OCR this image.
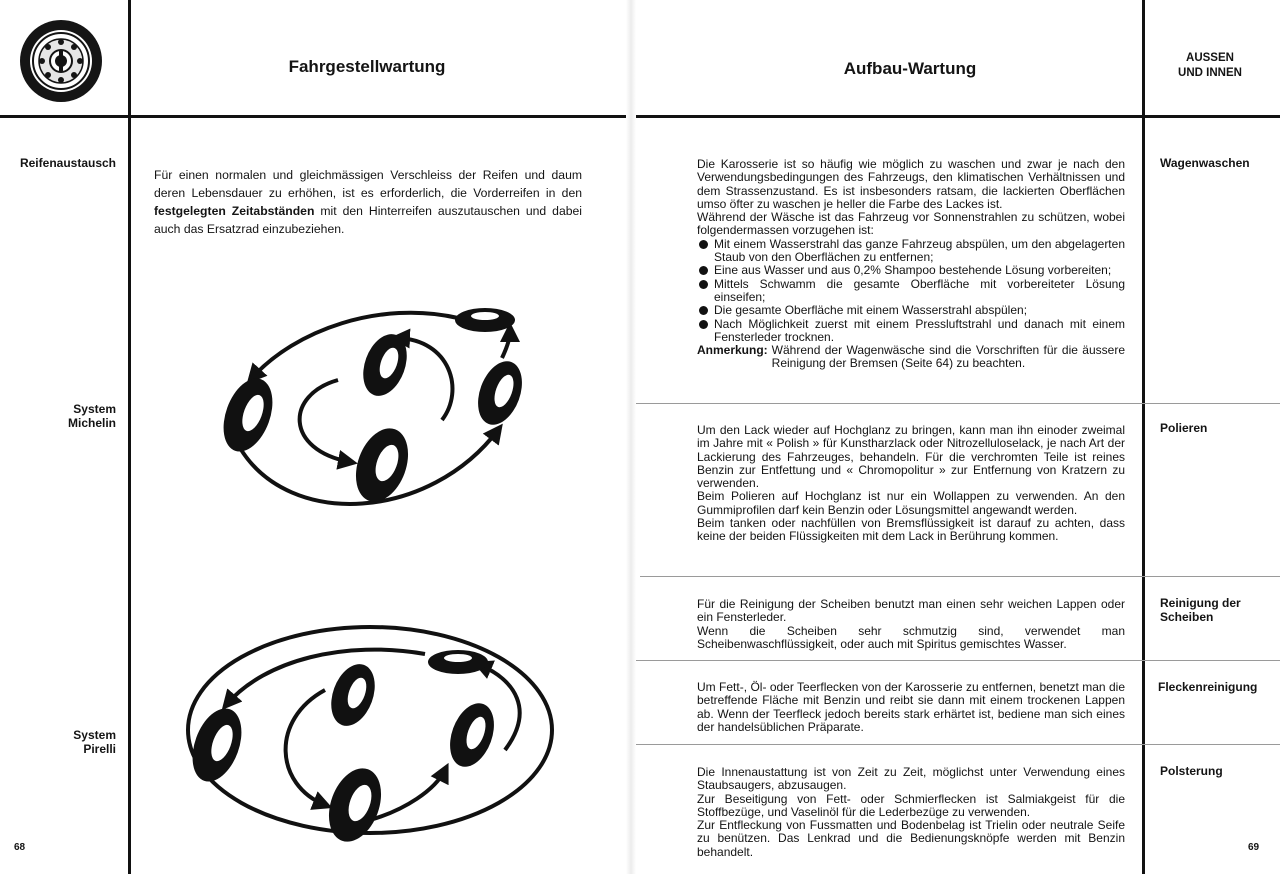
Fahrgestellwartung	Aufbau-Wartung
AUSSEN
UND INNEN
Reifenaustausch
System
Michelin
System
Pirelli
68
Für einen normalen und gleichmässigen Verschleiss der Reifen und daum deren Lebensdauer zu erhöhen, ist es erforderlich, die Vorderreifen in den festgelegten Zeitabständen mit den Hinterreifen auszutauschen und dabei auch das Ersatzrad einzubeziehen.
Wagenwaschen
Polieren
Reinigung der
Scheiben
Fleckenreinigung
Polsterung
69

Die Karosserie ist so häufig wie möglich zu waschen und zwar je nach den Verwendungsbedingungen des Fahrzeugs, den klimatischen Verhältnissen und dem Strassenzustand. Es ist insbesonders ratsam, die lackierten Oberflächen umso öfter zu waschen je heller die Farbe des Lackes ist.

Während der Wäsche ist das Fahrzeug vor Sonnenstrahlen zu schützen, wobei folgendermassen vorzugehen ist:

Mit einem Wasserstrahl das ganze Fahrzeug abspülen, um den abgelagerten Staub von den Oberflächen zu entfernen;
Eine aus Wasser und aus 0,2% Shampoo bestehende Lösung vorbereiten;
Mittels Schwamm die gesamte Oberfläche mit vorbereiteter Lösung einseifen;
Die gesamte Oberfläche mit einem Wasserstrahl abspülen;
Nach Möglichkeit zuerst mit einem Pressluftstrahl und danach mit einem Fensterleder trocknen.
Anmerkung: Während der Wagenwäsche sind die Vorschriften für die äussere Reinigung der Bremsen (Seite 64) zu beachten.

Um den Lack wieder auf Hochglanz zu bringen, kann man ihn einoder zweimal im Jahre mit « Polish » für Kunstharzlack oder Nitrozelluloselack, je nach Art der Lackierung des Fahrzeuges, behandeln. Für die verchromten Teile ist reines Benzin zur Entfettung und « Chromopolitur » zur Entfernung von Kratzern zu verwenden.

Beim Polieren auf Hochglanz ist nur ein Wollappen zu verwenden. An den Gummiprofilen darf kein Benzin oder Lösungsmittel angewandt werden.

Beim tanken oder nachfüllen von Bremsflüssigkeit ist darauf zu achten, dass keine der beiden Flüssigkeiten mit dem Lack in Berührung kommen.

Für die Reinigung der Scheiben benutzt man einen sehr weichen Lappen oder ein Fensterleder.

Wenn die Scheiben sehr schmutzig sind, verwendet man Scheibenwaschflüssigkeit, oder auch mit Spiritus gemischtes Wasser.

Um Fett-, Öl- oder Teerflecken von der Karosserie zu entfernen, benetzt man die betreffende Fläche mit Benzin und reibt sie dann mit einem trockenen Lappen ab. Wenn der Teerfleck jedoch bereits stark erhärtet ist, bediene man sich eines der handelsüblichen Präparate.

Die Innenaustattung ist von Zeit zu Zeit, möglichst unter Verwendung eines Staubsaugers, abzusaugen.

Zur Beseitigung von Fett- oder Schmierflecken ist Salmiakgeist für die Stoffbezüge, und Vaselinöl für die Lederbezüge zu verwenden.

Zur Entfleckung von Fussmatten und Bodenbelag ist Trielin oder neutrale Seife zu benützen. Das Lenkrad und die Bedienungsknöpfe werden mit Benzin behandelt.
